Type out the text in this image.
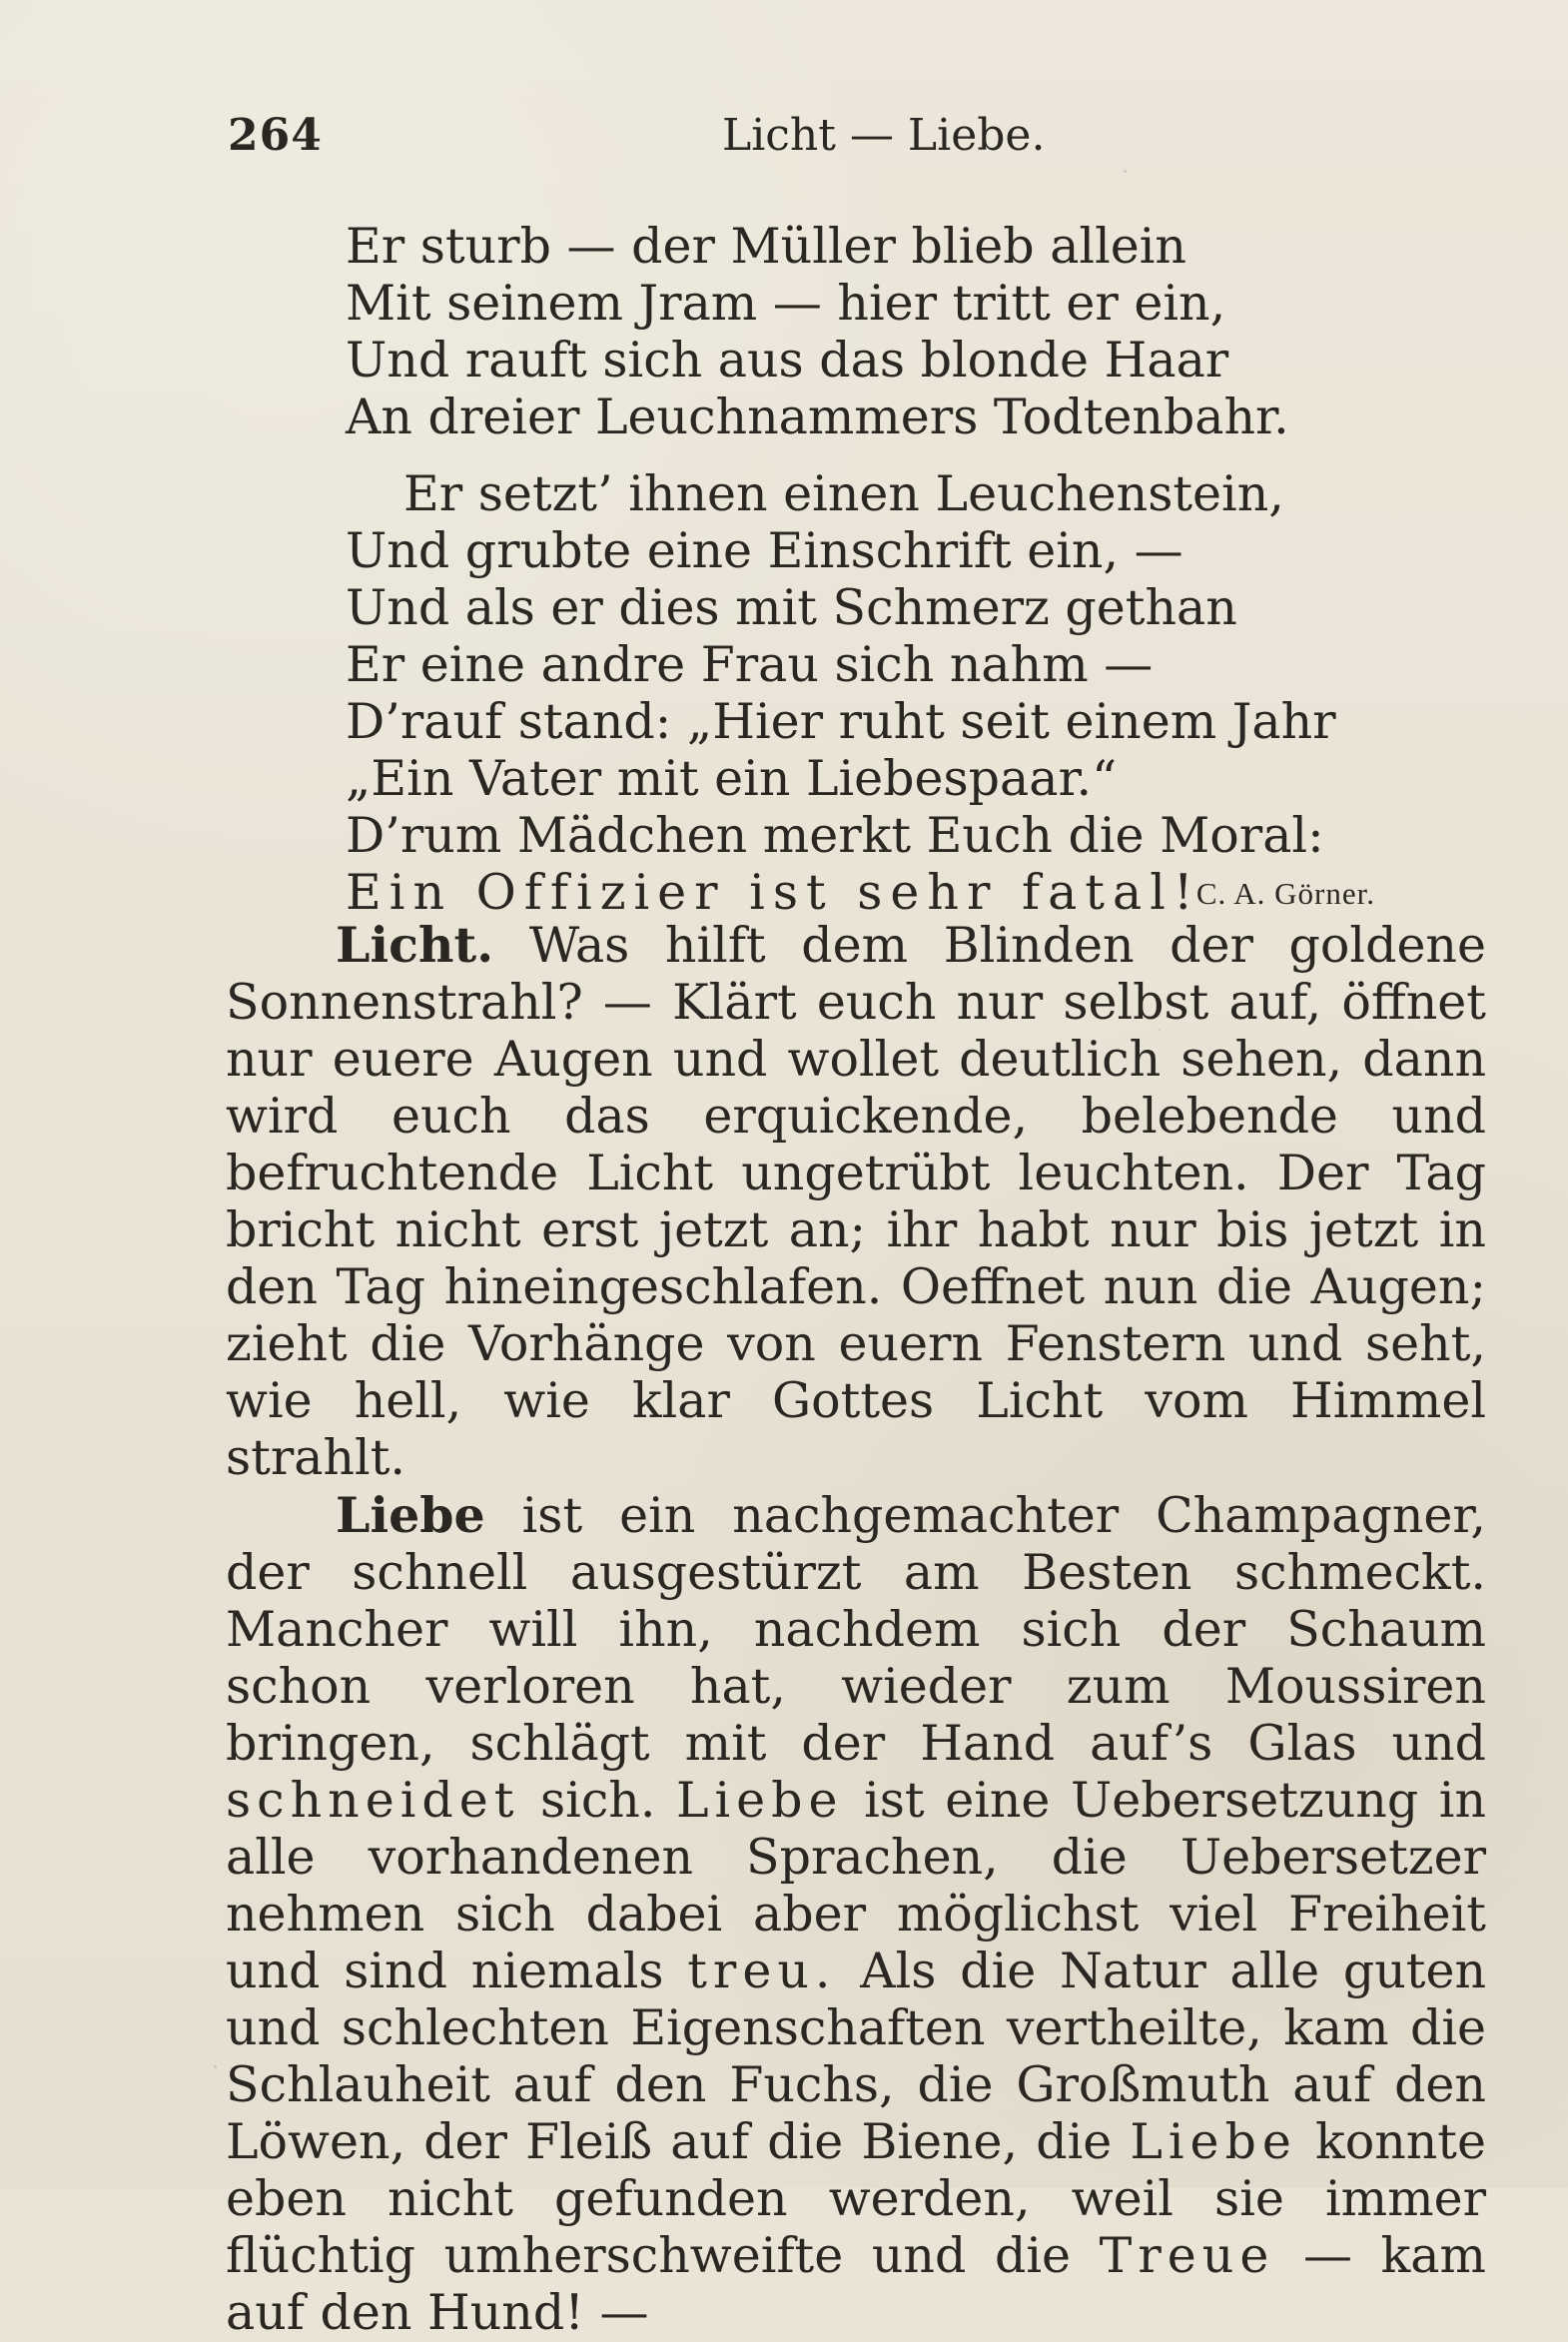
264	Licht — Liebe.
Er sturb — der Müller blieb allein
Mit seinem Jram — hier tritt er ein,
Und rauft sich aus das blonde Haar
An dreier Leuchnammers Todtenbahr.
Er setzt’ ihnen einen Leuchenstein,
Und grubte eine Einschrift ein, —
Und als er dies mit Schmerz gethan
Er eine andre Frau sich nahm —
D’rauf stand: „Hier ruht seit einem Jahr
„Ein Vater mit ein Liebespaar.“
D’rum Mädchen merkt Euch die Moral:
Ein Offizier ist sehr fatal!
C. A. Görner.

Licht. Was hilft dem Blinden der goldene Sonnenstrahl? — Klärt euch nur selbst auf, öffnet nur euere Augen und wollet deutlich sehen, dann wird euch das erquickende, belebende und befruchtende Licht ungetrübt leuchten. Der Tag bricht nicht erst jetzt an; ihr habt nur bis jetzt in den Tag hineingeschlafen. Oeffnet nun die Augen; zieht die Vorhänge von euern Fenstern und seht, wie hell, wie klar Gottes Licht vom Himmel strahlt.

Liebe ist ein nachgemachter Champagner, der schnell ausgestürzt am Besten schmeckt. Mancher will ihn, nachdem sich der Schaum schon verloren hat, wieder zum Moussiren bringen, schlägt mit der Hand auf’s Glas und schneidet sich. Liebe ist eine Uebersetzung in alle vorhandenen Sprachen, die Uebersetzer nehmen sich dabei aber möglichst viel Freiheit und sind niemals treu. Als die Natur alle guten und schlechten Eigenschaften vertheilte, kam die Schlauheit auf den Fuchs, die Großmuth auf den Löwen, der Fleiß auf die Biene, die Liebe konnte eben nicht gefunden werden, weil sie immer flüchtig umherschweifte und die Treue — kam auf den Hund! —
